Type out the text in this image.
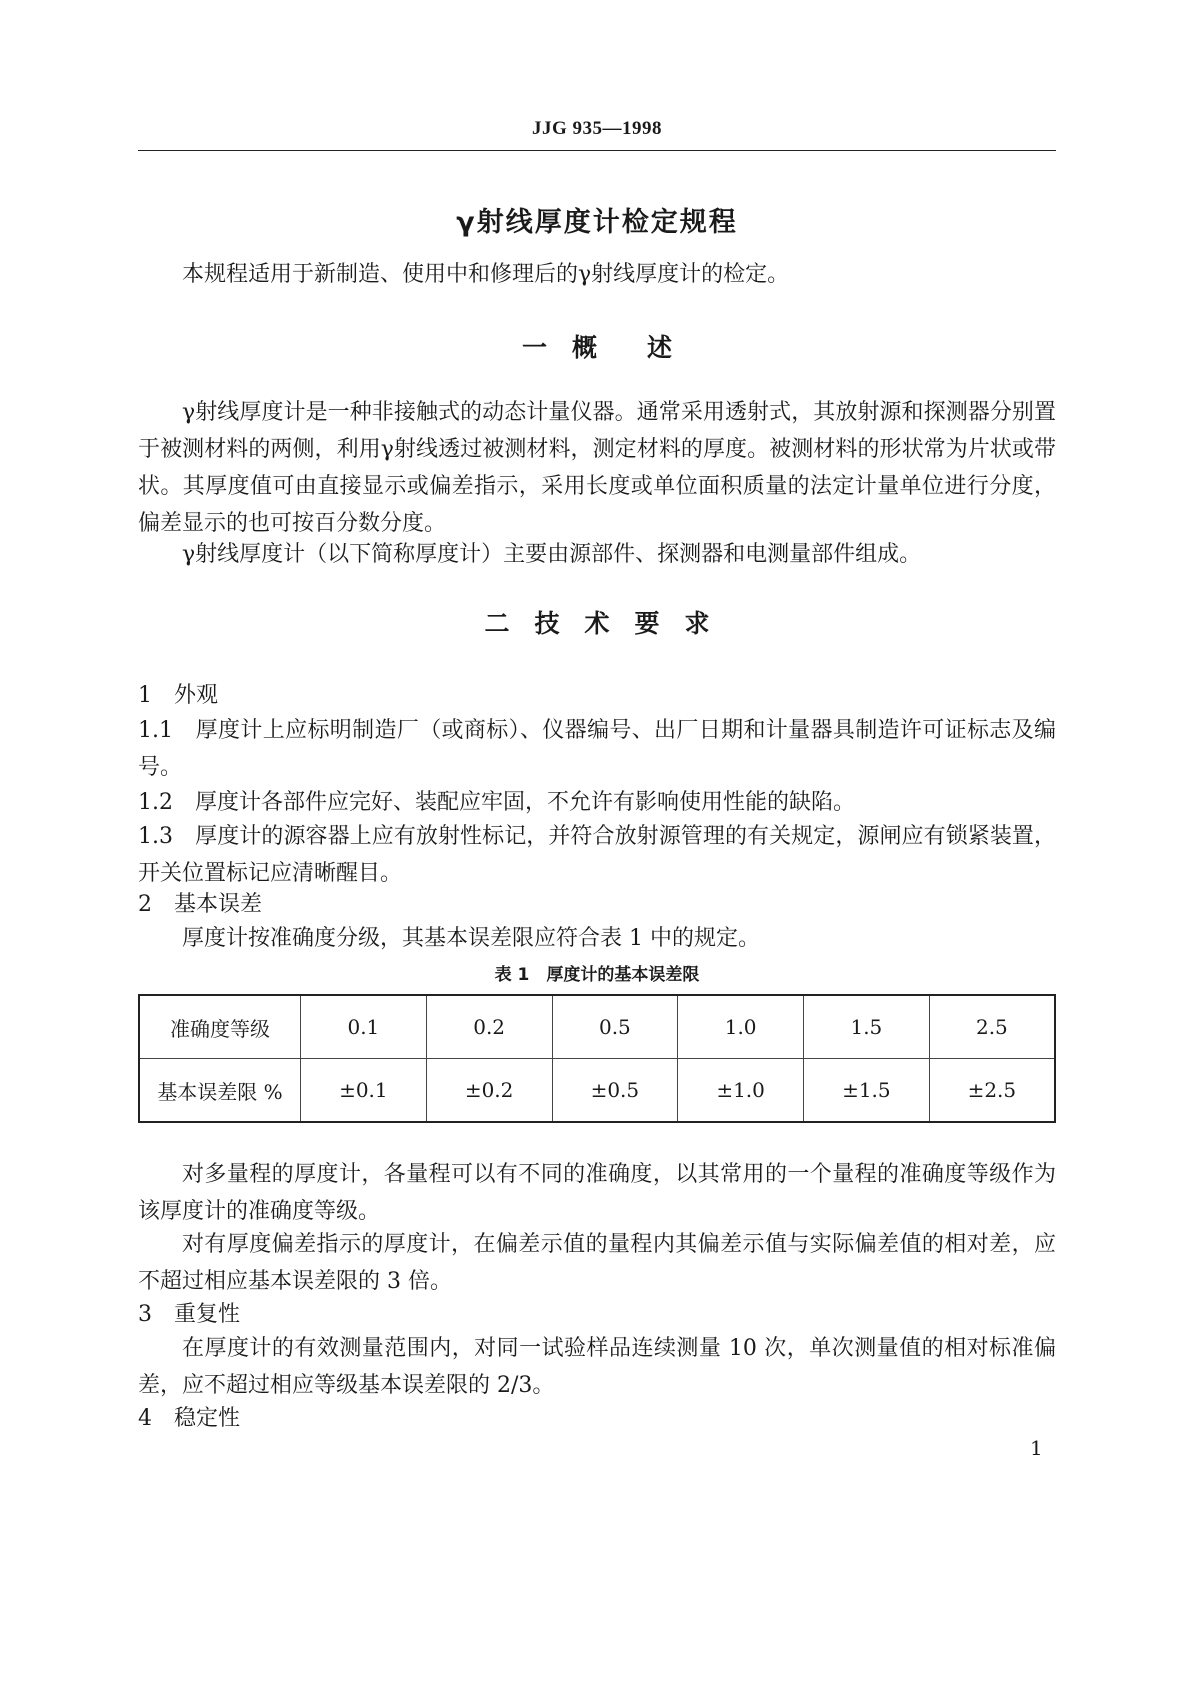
JJG 935—1998
γ射线厚度计检定规程
本规程适用于新制造、使用中和修理后的γ射线厚度计的检定。
一　概　　述
γ射线厚度计是一种非接触式的动态计量仪器。通常采用透射式，其放射源和探测器分别置于被测材料的两侧，利用γ射线透过被测材料，测定材料的厚度。被测材料的形状常为片状或带状。其厚度值可由直接显示或偏差指示，采用长度或单位面积质量的法定计量单位进行分度，偏差显示的也可按百分数分度。
γ射线厚度计（以下简称厚度计）主要由源部件、探测器和电测量部件组成。
二　技　术　要　求
1　外观
1.1　厚度计上应标明制造厂（或商标）、仪器编号、出厂日期和计量器具制造许可证标志及编号。
1.2　厚度计各部件应完好、装配应牢固，不允许有影响使用性能的缺陷。
1.3　厚度计的源容器上应有放射性标记，并符合放射源管理的有关规定，源闸应有锁紧装置，开关位置标记应清晰醒目。
2　基本误差
厚度计按准确度分级，其基本误差限应符合表 1 中的规定。
表 1　厚度计的基本误差限
准确度等级	0.1	0.2	0.5	1.0	1.5	2.5
基本误差限 %	±0.1	±0.2	±0.5	±1.0	±1.5	±2.5
对多量程的厚度计，各量程可以有不同的准确度，以其常用的一个量程的准确度等级作为该厚度计的准确度等级。
对有厚度偏差指示的厚度计，在偏差示值的量程内其偏差示值与实际偏差值的相对差，应不超过相应基本误差限的 3 倍。
3　重复性
在厚度计的有效测量范围内，对同一试验样品连续测量 10 次，单次测量值的相对标准偏差，应不超过相应等级基本误差限的 2/3。
4　稳定性
1
